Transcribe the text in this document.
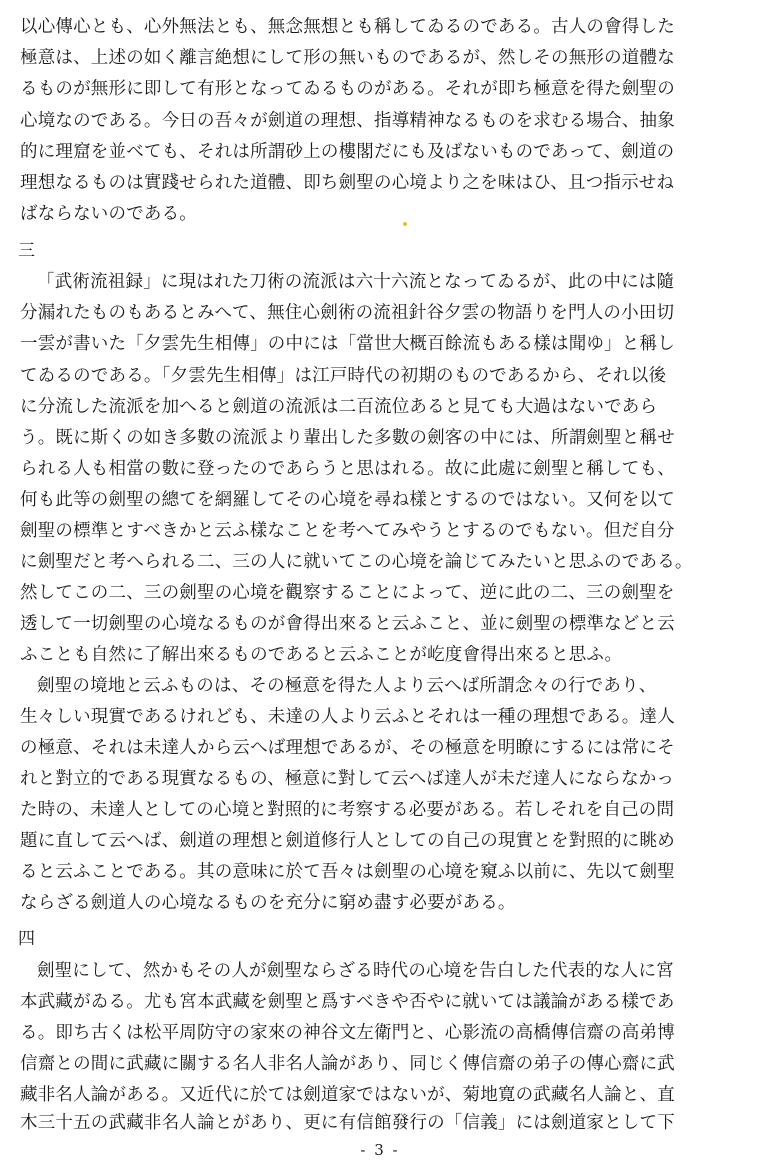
以心傳心とも、心外無法とも、無念無想とも稱してゐるのである。古人の會得した
極意は、上述の如く離言絶想にして形の無いものであるが、然しその無形の道體な
るものが無形に即して有形となってゐるものがある。それが即ち極意を得た劍聖の
心境なのである。今日の吾々が劍道の理想、指導精神なるものを求むる場合、抽象
的に理窟を並べても、それは所謂砂上の樓閣だにも及ばないものであって、劍道の
理想なるものは實踐せられた道體、即ち劍聖の心境より之を味はひ、且つ指示せね
ばならないのである。
三
「武術流祖録」に現はれた刀術の流派は六十六流となってゐるが、此の中には隨
分漏れたものもあるとみへて、無住心劍術の流祖針谷夕雲の物語りを門人の小田切
一雲が書いた「夕雲先生相傳」の中には「當世大概百餘流もある樣は聞ゆ」と稱し
てゐるのである。「夕雲先生相傳」は江戸時代の初期のものであるから、それ以後
に分流した流派を加へると劍道の流派は二百流位あると見ても大過はないであら
う。既に斯くの如き多數の流派より輩出した多數の劍客の中には、所謂劍聖と稱せ
られる人も相當の數に登ったのであらうと思はれる。故に此處に劍聖と稱しても、
何も此等の劍聖の總てを網羅してその心境を尋ね樣とするのではない。又何を以て
劍聖の標準とすべきかと云ふ樣なことを考へてみやうとするのでもない。但だ自分
に劍聖だと考へられる二、三の人に就いてこの心境を論じてみたいと思ふのである。
然してこの二、三の劍聖の心境を觀察することによって、逆に此の二、三の劍聖を
透して一切劍聖の心境なるものが會得出來ると云ふこと、並に劍聖の標準などと云
ふことも自然に了解出來るものであると云ふことが屹度會得出來ると思ふ。
劍聖の境地と云ふものは、その極意を得た人より云へば所謂念々の行であり、
生々しい現實であるけれども、未達の人より云ふとそれは一種の理想である。達人
の極意、それは未達人から云へば理想であるが、その極意を明瞭にするには常にそ
れと對立的である現實なるもの、極意に對して云へば達人が未だ達人にならなかっ
た時の、未達人としての心境と對照的に考察する必要がある。若しそれを自己の問
題に直して云へば、劍道の理想と劍道修行人としての自己の現實とを對照的に眺め
ると云ふことである。其の意味に於て吾々は劍聖の心境を窺ふ以前に、先以て劍聖
ならざる劍道人の心境なるものを充分に窮め盡す必要がある。
四
劍聖にして、然かもその人が劍聖ならざる時代の心境を告白した代表的な人に宮
本武藏がゐる。尤も宮本武藏を劍聖と爲すべきや否やに就いては議論がある樣であ
る。即ち古くは松平周防守の家來の神谷文左衛門と、心影流の高橋傳信齋の高弟博
信齋との間に武藏に關する名人非名人論があり、同じく傳信齋の弟子の傳心齋に武
藏非名人論がある。又近代に於ては劍道家ではないが、菊地寛の武藏名人論と、直
木三十五の武藏非名人論とがあり、更に有信館發行の「信義」には劍道家として下
- 3 -
